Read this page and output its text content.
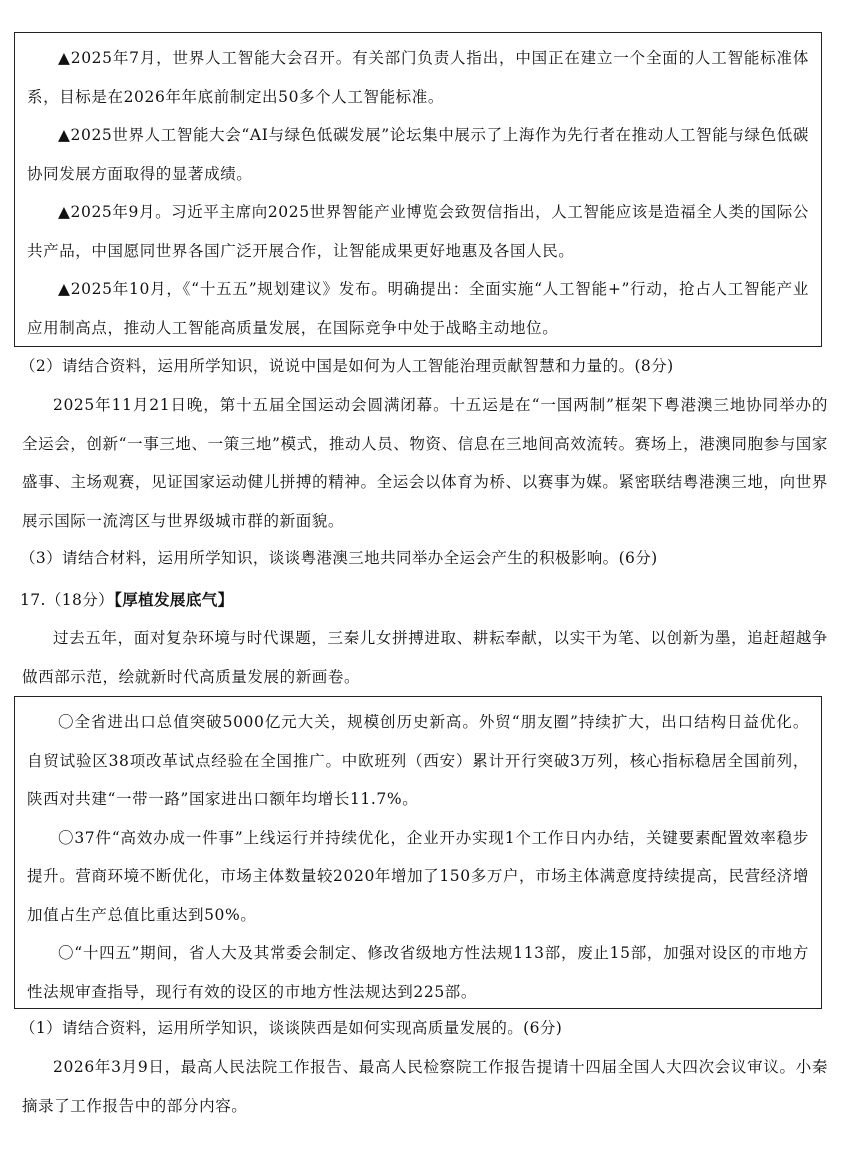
▲2025年7月，世界人工智能大会召开。有关部门负责人指出，中国正在建立一个全面的人工智能标准体系，目标是在2026年年底前制定出50多个人工智能标准。

▲2025世界人工智能大会“AI与绿色低碳发展”论坛集中展示了上海作为先行者在推动人工智能与绿色低碳协同发展方面取得的显著成绩。

▲2025年9月。习近平主席向2025世界智能产业博览会致贺信指出，人工智能应该是造福全人类的国际公共产品，中国愿同世界各国广泛开展合作，让智能成果更好地惠及各国人民。

▲2025年10月，《“十五五”规划建议》发布。明确提出：全面实施“人工智能+”行动，抢占人工智能产业应用制高点，推动人工智能高质量发展，在国际竞争中处于战略主动地位。

（2）请结合资料，运用所学知识，说说中国是如何为人工智能治理贡献智慧和力量的。(8分)

2025年11月21日晚，第十五届全国运动会圆满闭幕。十五运是在“一国两制”框架下粤港澳三地协同举办的全运会，创新“一事三地、一策三地”模式，推动人员、物资、信息在三地间高效流转。赛场上，港澳同胞参与国家盛事、主场观赛，见证国家运动健儿拼搏的精神。全运会以体育为桥、以赛事为媒。紧密联结粤港澳三地，向世界展示国际一流湾区与世界级城市群的新面貌。

（3）请结合材料，运用所学知识，谈谈粤港澳三地共同举办全运会产生的积极影响。(6分)

17.（18分）【厚植发展底气】

过去五年，面对复杂环境与时代课题，三秦儿女拼搏进取、耕耘奉献，以实干为笔、以创新为墨，追赶超越争做西部示范，绘就新时代高质量发展的新画卷。

〇全省进出口总值突破5000亿元大关，规模创历史新高。外贸“朋友圈”持续扩大，出口结构日益优化。自贸试验区38项改革试点经验在全国推广。中欧班列（西安）累计开行突破3万列，核心指标稳居全国前列，陕西对共建“一带一路”国家进出口额年均增长11.7%。

〇37件“高效办成一件事”上线运行并持续优化，企业开办实现1个工作日内办结，关键要素配置效率稳步提升。营商环境不断优化，市场主体数量较2020年增加了150多万户，市场主体满意度持续提高，民营经济增加值占生产总值比重达到50%。

〇“十四五”期间，省人大及其常委会制定、修改省级地方性法规113部，废止15部，加强对设区的市地方性法规审查指导，现行有效的设区的市地方性法规达到225部。

（1）请结合资料，运用所学知识，谈谈陕西是如何实现高质量发展的。(6分)

2026年3月9日，最高人民法院工作报告、最高人民检察院工作报告提请十四届全国人大四次会议审议。小秦摘录了工作报告中的部分内容。
